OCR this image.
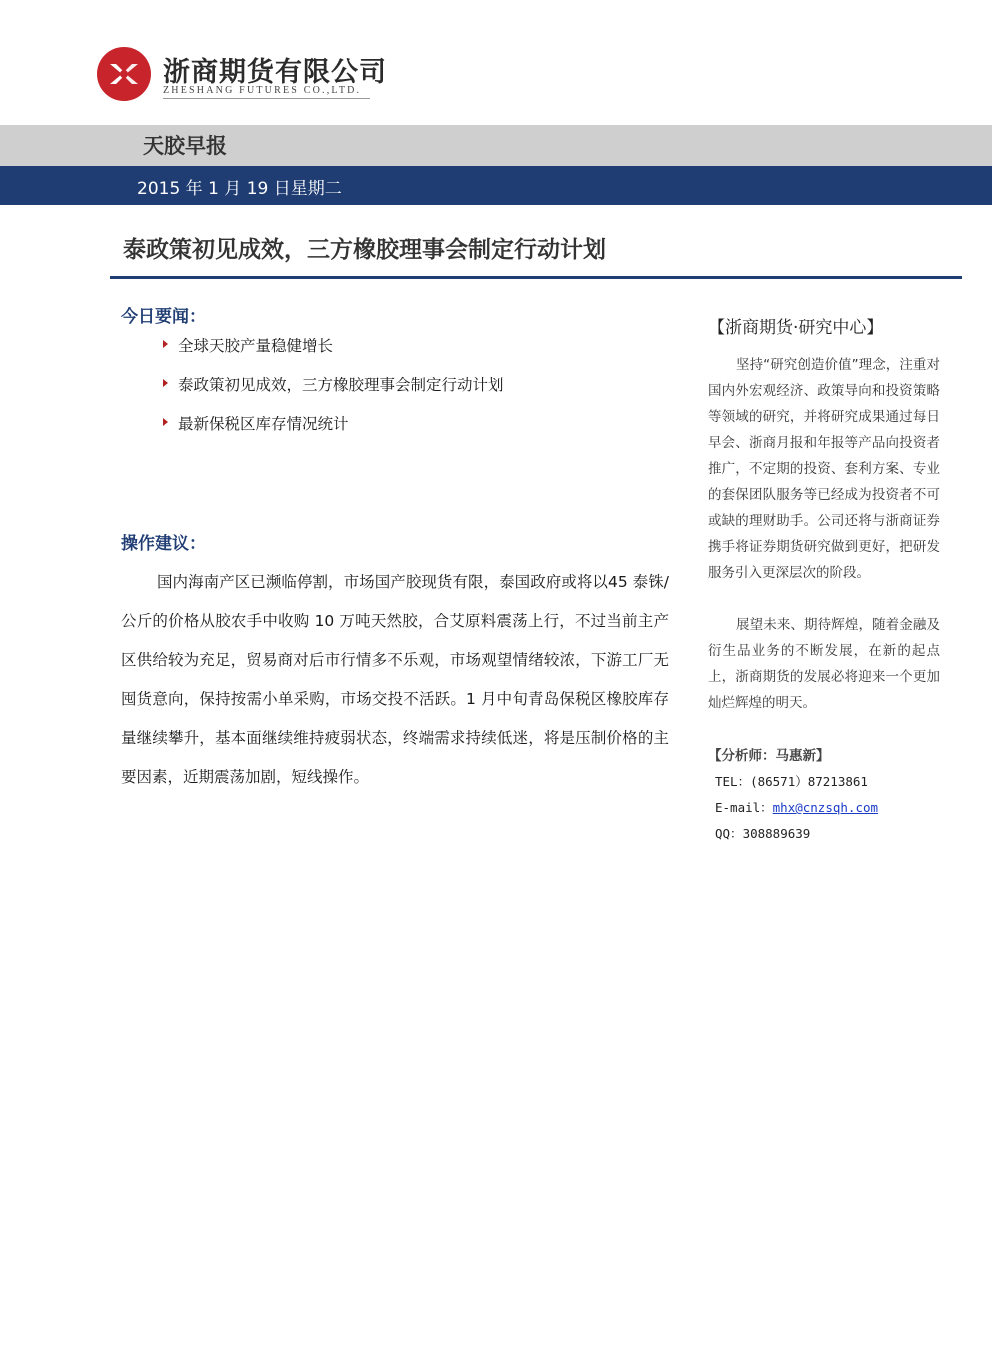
浙商期货有限公司
ZHESHANG FUTURES CO.,LTD.
天胶早报
2015 年 1 月 19 日星期二
泰政策初见成效，三方橡胶理事会制定行动计划
今日要闻：
全球天胶产量稳健增长
泰政策初见成效，三方橡胶理事会制定行动计划
最新保税区库存情况统计
操作建议：
国内海南产区已濒临停割，市场国产胶现货有限，泰国政府或将以45 泰铢/公斤的价格从胶农手中收购 10 万吨天然胶，合艾原料震荡上行，不过当前主产区供给较为充足，贸易商对后市行情多不乐观，市场观望情绪较浓，下游工厂无囤货意向，保持按需小单采购，市场交投不活跃。1 月中旬青岛保税区橡胶库存量继续攀升，基本面继续维持疲弱状态，终端需求持续低迷，将是压制价格的主要因素，近期震荡加剧，短线操作。
【浙商期货·研究中心】
坚持“研究创造价值”理念，注重对国内外宏观经济、政策导向和投资策略等领域的研究，并将研究成果通过每日早会、浙商月报和年报等产品向投资者推广，不定期的投资、套利方案、专业的套保团队服务等已经成为投资者不可或缺的理财助手。公司还将与浙商证券携手将证券期货研究做到更好，把研发服务引入更深层次的阶段。
展望未来、期待辉煌，随着金融及衍生品业务的不断发展，在新的起点上，浙商期货的发展必将迎来一个更加灿烂辉煌的明天。
【分析师：马惠新】
TEL：(86571）87213861
E-mail：mhx@cnzsqh.com
QQ：308889639
